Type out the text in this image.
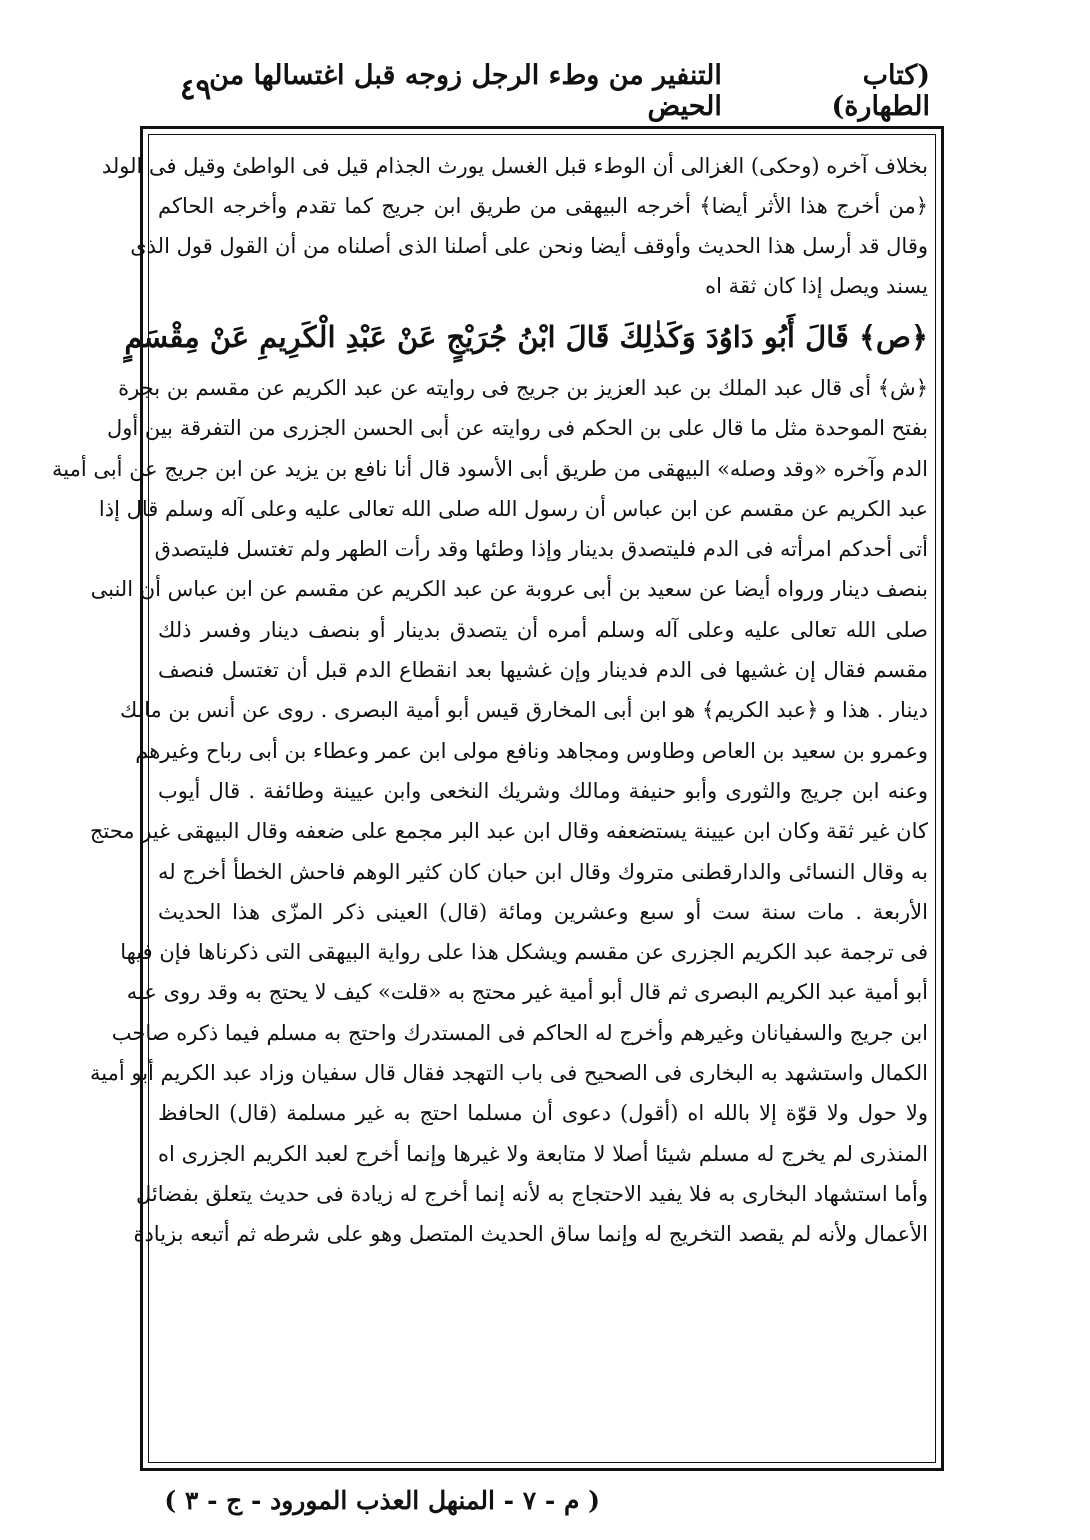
(كتاب الطهارة)
التنفير من وطء الرجل زوجه قبل اغتسالها من الحيض
٤٩
بخلاف آخره (وحكى) الغزالى أن الوطء قبل الغسل يورث الجذام قيل فى الواطئ وقيل فى الولد
﴿من أخرج هذا الأثر أيضا﴾ أخرجه البيهقى من طريق ابن جريج كما تقدم وأخرجه الحاكم
وقال قد أرسل هذا الحديث وأوقف أيضا ونحن على أصلنا الذى أصلناه من أن القول قول الذى
يسند ويصل إذا كان ثقة اه
﴿ص﴾ قَالَ أَبُو دَاوُدَ وَكَذٰلِكَ قَالَ ابْنُ جُرَيْجٍ عَنْ عَبْدِ الْكَرِيمِ عَنْ مِقْسَمٍ
﴿ش﴾ أى قال عبد الملك بن عبد العزيز بن جريج فى روايته عن عبد الكريم عن مقسم بن بجرة
بفتح الموحدة مثل ما قال على بن الحكم فى روايته عن أبى الحسن الجزرى من التفرقة بين أول
الدم وآخره «وقد وصله» البيهقى من طريق أبى الأسود قال أنا نافع بن يزيد عن ابن جريج عن أبى أمية
عبد الكريم عن مقسم عن ابن عباس أن رسول الله صلى الله تعالى عليه وعلى آله وسلم قال إذا
أتى أحدكم امرأته فى الدم فليتصدق بدينار وإذا وطئها وقد رأت الطهر ولم تغتسل فليتصدق
بنصف دينار ورواه أيضا عن سعيد بن أبى عروبة عن عبد الكريم عن مقسم عن ابن عباس أن النبى
صلى الله تعالى عليه وعلى آله وسلم أمره أن يتصدق بدينار أو بنصف دينار وفسر ذلك
مقسم فقال إن غشيها فى الدم فدينار وإن غشيها بعد انقطاع الدم قبل أن تغتسل فنصف
دينار . هذا و ﴿عبد الكريم﴾ هو ابن أبى المخارق قيس أبو أمية البصرى . روى عن أنس بن مالك
وعمرو بن سعيد بن العاص وطاوس ومجاهد ونافع مولى ابن عمر وعطاء بن أبى رباح وغيرهم
وعنه ابن جريج والثورى وأبو حنيفة ومالك وشريك النخعى وابن عيينة وطائفة . قال أيوب
كان غير ثقة وكان ابن عيينة يستضعفه وقال ابن عبد البر مجمع على ضعفه وقال البيهقى غير محتج
به وقال النسائى والدارقطنى متروك وقال ابن حبان كان كثير الوهم فاحش الخطأ أخرج له
الأربعة . مات سنة ست أو سبع وعشرين ومائة (قال) العينى ذكر المزّى هذا الحديث
فى ترجمة عبد الكريم الجزرى عن مقسم ويشكل هذا على رواية البيهقى التى ذكرناها فإن فيها
أبو أمية عبد الكريم البصرى ثم قال أبو أمية غير محتج به «قلت» كيف لا يحتج به وقد روى عنه
ابن جريج والسفيانان وغيرهم وأخرج له الحاكم فى المستدرك واحتج به مسلم فيما ذكره صاحب
الكمال واستشهد به البخارى فى الصحيح فى باب التهجد فقال قال سفيان وزاد عبد الكريم أبو أمية
ولا حول ولا قوّة إلا بالله اه (أقول) دعوى أن مسلما احتج به غير مسلمة (قال) الحافظ
المنذرى لم يخرج له مسلم شيئا أصلا لا متابعة ولا غيرها وإنما أخرج لعبد الكريم الجزرى اه
وأما استشهاد البخارى به فلا يفيد الاحتجاج به لأنه إنما أخرج له زيادة فى حديث يتعلق بفضائل
الأعمال ولأنه لم يقصد التخريج له وإنما ساق الحديث المتصل وهو على شرطه ثم أتبعه بزيادة
( م - ٧ - المنهل العذب المورود - ج - ٣ )
